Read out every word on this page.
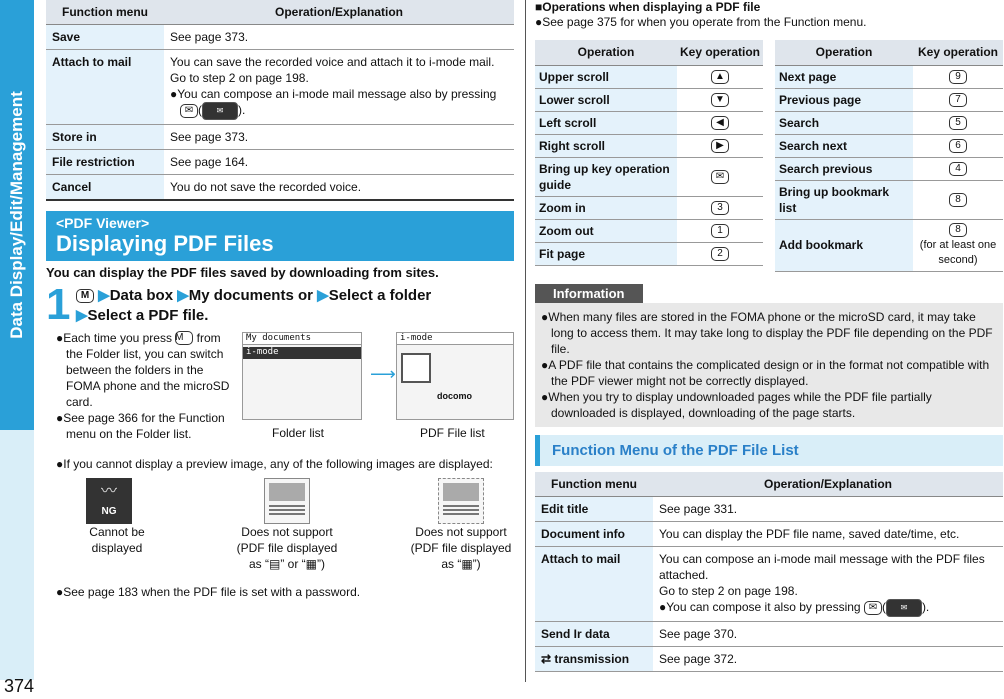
Data Display/Edit/Management
374
Function menu	Operation/Explanation
Save	See page 373.
Attach to mail	You can save the recorded voice and attach it to i-mode mail.
Go to step 2 on page 198.
●You can compose an i-mode mail message also by pressing
✉ ( ✉ ).

Store in	See page 373.
File restriction	See page 164.
Cancel	You do not save the recorded voice.
<PDF Viewer>
Displaying PDF Files
You can display the PDF files saved by downloading from sites.
1	M ▶Data box ▶My documents or ▶Select a folder
▶Select a PDF file.
●Each time you press M from the Folder list, you can switch between the folders in the FOMA phone and the microSD card.
●See page 366 for the Function menu on the Folder list.
My documents
i-mode
⟶
i-mode
docomo
Folder list	PDF File list
●If you cannot display a preview image, any of the following images are displayed:
〰
NG
Cannot be displayed
Does not support
(PDF file displayed
as “▤” or “▦”)
Does not support
(PDF file displayed
as “▦”)
●See page 183 when the PDF file is set with a password.
■Operations when displaying a PDF file
●See page 375 for when you operate from the Function menu.
Operation	Key operation
Upper scroll	▲
Lower scroll	▼
Left scroll	◀
Right scroll	▶
Bring up key operation guide	✉
Zoom in	3
Zoom out	1
Fit page	2
Operation	Key operation
Next page	9
Previous page	7
Search	5
Search next	6
Search previous	4
Bring up bookmark list	8
Add bookmark	8
(for at least one second)
Information
●When many files are stored in the FOMA phone or the microSD card, it may take long to access them. It may take long to display the PDF file depending on the PDF file.
●A PDF file that contains the complicated design or in the format not compatible with the PDF viewer might not be correctly displayed.
●When you try to display undownloaded pages while the PDF file partially downloaded is displayed, downloading of the page starts.
Function Menu of the PDF File List
Function menu	Operation/Explanation
Edit title	See page 331.
Document info	You can display the PDF file name, saved date/time, etc.
Attach to mail	You can compose an i-mode mail message with the PDF files attached.
Go to step 2 on page 198.
●You can compose it also by pressing ✉ ( ✉ ).

Send Ir data	See page 370.
⇄ transmission	See page 372.
